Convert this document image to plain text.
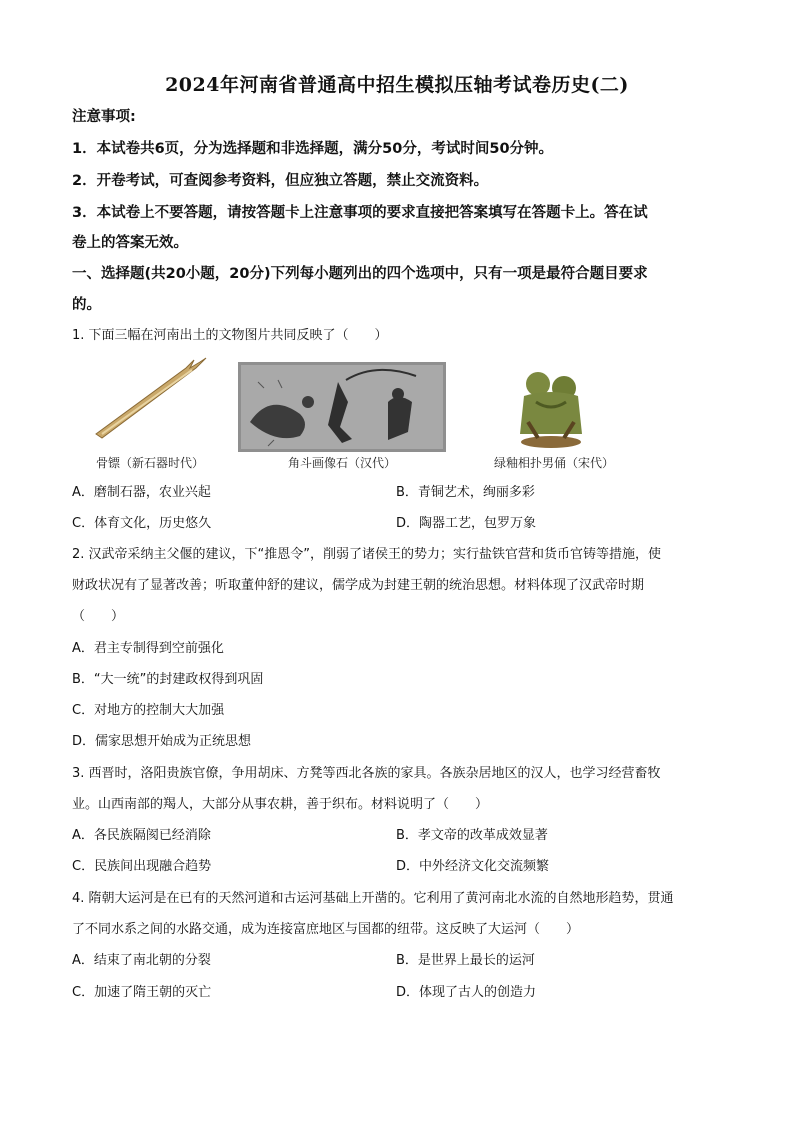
2024年河南省普通高中招生模拟压轴考试卷历史(二)
注意事项:
1．本试卷共6页，分为选择题和非选择题，满分50分，考试时间50分钟。
2．开卷考试，可查阅参考资料，但应独立答题，禁止交流资料。
3．本试卷上不要答题，请按答题卡上注意事项的要求直接把答案填写在答题卡上。答在试
卷上的答案无效。
一、选择题(共20小题，20分)下列每小题列出的四个选项中，只有一项是最符合题目要求
的。
1. 下面三幅在河南出土的文物图片共同反映了（　　）
骨镖（新石器时代）	角斗画像石（汉代）	绿釉相扑男俑（宋代）
A．磨制石器，农业兴起	B．青铜艺术，绚丽多彩
C．体育文化，历史悠久	D．陶器工艺，包罗万象
2. 汉武帝采纳主父偃的建议，下“推恩令”，削弱了诸侯王的势力；实行盐铁官营和货币官铸等措施，使
财政状况有了显著改善；听取董仲舒的建议，儒学成为封建王朝的统治思想。材料体现了汉武帝时期
（　　）
A．君主专制得到空前强化
B．“大一统”的封建政权得到巩固
C．对地方的控制大大加强
D．儒家思想开始成为正统思想
3. 西晋时，洛阳贵族官僚，争用胡床、方凳等西北各族的家具。各族杂居地区的汉人，也学习经营畜牧
业。山西南部的羯人，大部分从事农耕，善于织布。材料说明了（　　）
A．各民族隔阂已经消除	B．孝文帝的改革成效显著
C．民族间出现融合趋势	D．中外经济文化交流频繁
4. 隋朝大运河是在已有的天然河道和古运河基础上开凿的。它利用了黄河南北水流的自然地形趋势，贯通
了不同水系之间的水路交通，成为连接富庶地区与国都的纽带。这反映了大运河（　　）
A．结束了南北朝的分裂	B．是世界上最长的运河
C．加速了隋王朝的灭亡	D．体现了古人的创造力
